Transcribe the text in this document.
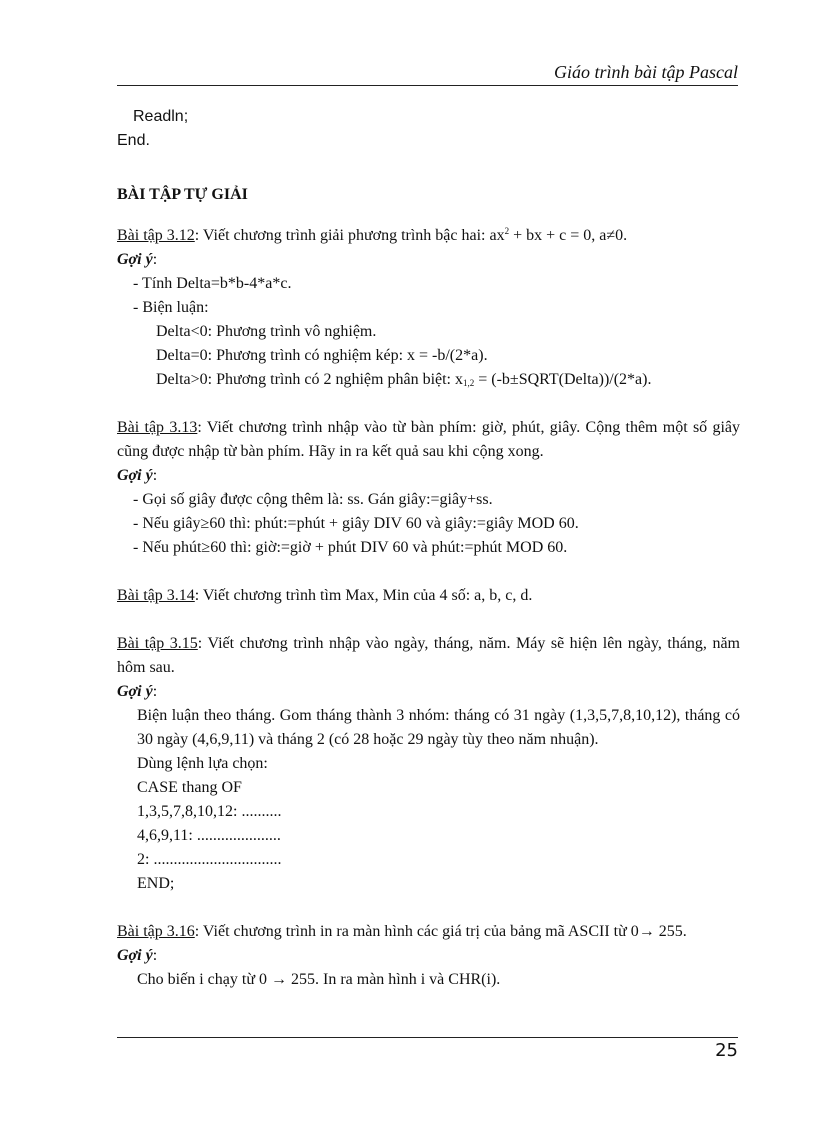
Giáo trình bài tập Pascal
Readln;
End.
BÀI TẬP TỰ GIẢI
Bài tập 3.12: Viết chương trình giải phương trình bậc hai: $ax^2$ + bx + c = 0, a≠0.
Gợi ý:
- Tính Delta=b*b-4*a*c.
- Biện luận:
Delta<0: Phương trình vô nghiệm.
Delta=0: Phương trình có nghiệm kép: x = -b/(2*a).
Delta>0: Phương trình có 2 nghiệm phân biệt: $x_{1,2}$ = (-b±SQRT(Delta))/(2*a).
Bài tập 3.13: Viết chương trình nhập vào từ bàn phím: giờ, phút, giây. Cộng thêm một số giây cũng được nhập từ bàn phím. Hãy in ra kết quả sau khi cộng xong.
Gợi ý:
- Gọi số giây được cộng thêm là: ss. Gán giây:=giây+ss.
- Nếu giây≥60 thì: phút:=phút + giây DIV 60 và giây:=giây MOD 60.
- Nếu phút≥60 thì: giờ:=giờ + phút DIV 60 và phút:=phút MOD 60.
Bài tập 3.14: Viết chương trình tìm Max, Min của 4 số: a, b, c, d.
Bài tập 3.15: Viết chương trình nhập vào ngày, tháng, năm. Máy sẽ hiện lên ngày, tháng, năm hôm sau.
Gợi ý:
Biện luận theo tháng. Gom tháng thành 3 nhóm: tháng có 31 ngày (1,3,5,7,8,10,12), tháng có 30 ngày (4,6,9,11) và tháng 2 (có 28 hoặc 29 ngày tùy theo năm nhuận).
Dùng lệnh lựa chọn:
CASE thang OF
1,3,5,7,8,10,12: ..........
4,6,9,11: .....................
2: ................................
END;
Bài tập 3.16: Viết chương trình in ra màn hình các giá trị của bảng mã ASCII từ 0→ 255.
Gợi ý:
Cho biến i chạy từ 0 → 255. In ra màn hình i và CHR(i).
25
